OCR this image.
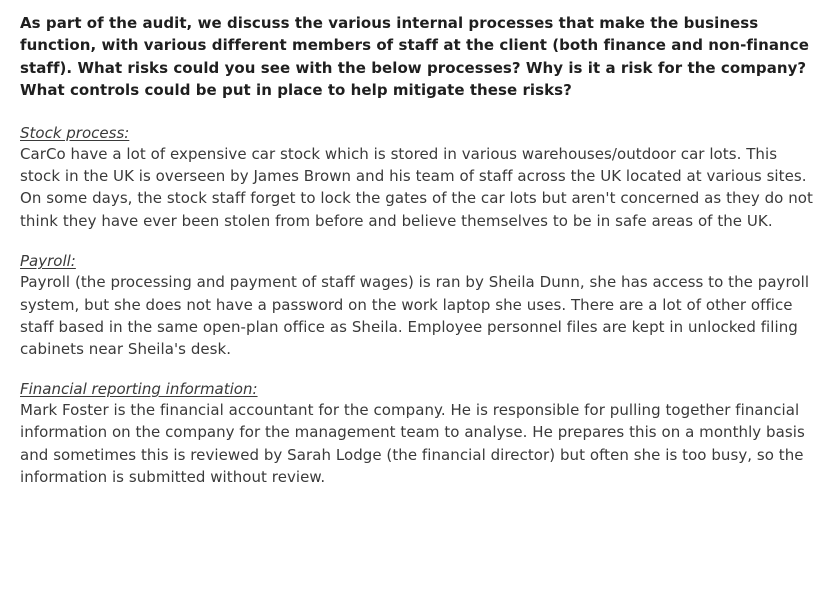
As part of the audit, we discuss the various internal processes that make the business function, with various different members of staff at the client (both finance and non-finance staff). What risks could you see with the below processes? Why is it a risk for the company? What controls could be put in place to help mitigate these risks?

Stock process:

CarCo have a lot of expensive car stock which is stored in various warehouses/outdoor car lots. This stock in the UK is overseen by James Brown and his team of staff across the UK located at various sites. On some days, the stock staff forget to lock the gates of the car lots but aren't concerned as they do not think they have ever been stolen from before and believe themselves to be in safe areas of the UK.

Payroll:

Payroll (the processing and payment of staff wages) is ran by Sheila Dunn, she has access to the payroll system, but she does not have a password on the work laptop she uses. There are a lot of other office staff based in the same open-plan office as Sheila. Employee personnel files are kept in unlocked filing cabinets near Sheila's desk.

Financial reporting information:

Mark Foster is the financial accountant for the company. He is responsible for pulling together financial information on the company for the management team to analyse. He prepares this on a monthly basis and sometimes this is reviewed by Sarah Lodge (the financial director) but often she is too busy, so the information is submitted without review.
